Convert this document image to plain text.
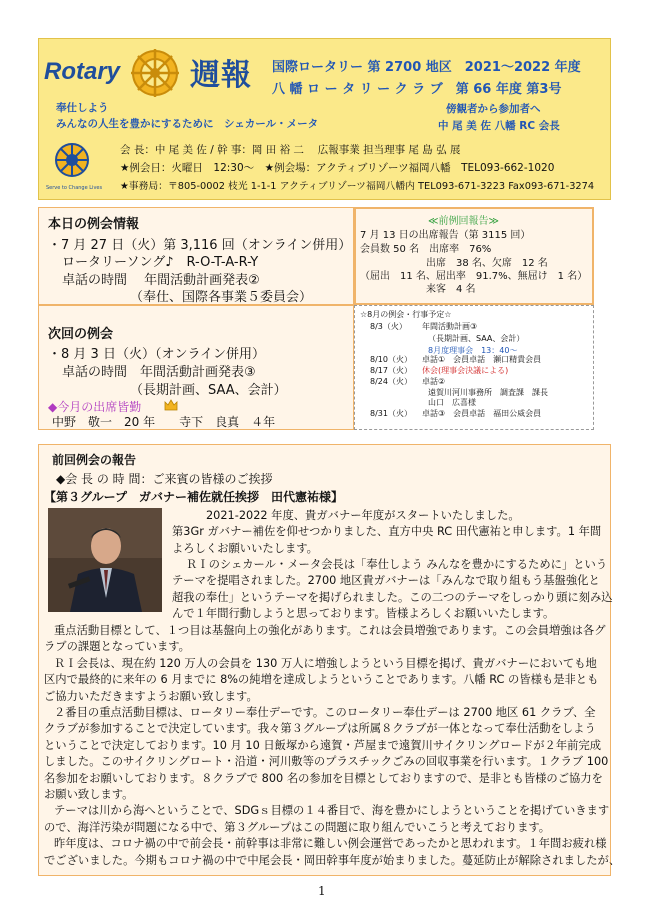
Rotary 週報 国際ロータリー 第 2700 地区　2021～2022 年度
八 幡 ロ ー タ リ ー ク ラ ブ　第 66 年度 第3号
奉仕しよう
みんなの人生を豊かにするために　シェカール・メータ
傍観者から参加者へ
中 尾 美 佐 八幡 RC 会長
Serve to Change Lives
会 長：中 尾 美 佐 / 幹 事：岡 田 裕 二　 広報事業 担当理事 尾 島 弘 展
★例会日：火曜日　12:30～　★例会場：アクティブリゾーツ福岡八幡　TEL093-662-1020
★事務局：〒805-0002 枝光 1-1-1 アクティブリゾーツ福岡八幡内 TEL093-671-3223 Fax093-671-3274
本日の例会情報
・7 月 27 日（火）第 3,116 回（オンライン併用）
ロータリーソング♪　R-O-T-A-R-Y
卓話の時間　 年間活動計画発表②
（奉仕、国際各事業５委員会）
≪前例回報告≫
7 月 13 日の出席報告（第 3115 回）
会員数 50 名　出席率　76%
出席　38 名、欠席　12 名
（屈出　11 名、屈出率　91.7%、無屈け　1 名）
来客　4 名
次回の例会
・8 月 3 日（火）（オンライン併用）
卓話の時間　年間活動計画発表③
（長期計画、SAA、会計）
◆今月の出席皆勤
中野　敬一　20 年　　寺下　良真　４年
☆8月の例会・行事予定☆
8/3（火） 年間活動計画③
（長期計画、SAA、会計）
8月度理事会　13：40～
8/10（火） 卓話①　会員卓話　瀬口精貴会員
8/17（火） 休会(理事会決議による)
8/24（火） 卓話②
遠賀川河川事務所　調査課　課長
山口　広喜様
8/31（火） 卓話③　会員卓話　福田公威会員
前回例会の報告
◆会 長 の 時 間：ご来賓の皆様のご挨拶
【第３グループ　ガバナー補佐就任挨拶　田代憲祐様】
2021-2022 年度、貴ガバナー年度がスタートいたしました。
第3Gr ガバナー補佐を仰せつかりました、直方中央 RC 田代憲祐と申します。1 年間
よろしくお願いいたします。
ＲＩのシェカール・メータ会長は「奉仕しよう みんなを豊かにするために」という
テーマを提唱されました。2700 地区貴ガバナーは「みんなで取り組もう基盤強化と
超我の奉仕」というテーマを掲げられました。この二つのテーマをしっかり頭に刻み込
んで１年間行動しようと思っております。皆様よろしくお願いいたします。
重点活動目標として、１つ目は基盤向上の強化があります。これは会員増強であります。この会員増強は各グ
ラブの課題となっています。
ＲＩ会長は、現在約 120 万人の会員を 130 万人に増強しようという目標を掲げ、貴ガバナーにおいても地
区内で最終的に来年の 6 月までに 8%の純増を達成しようということであります。八幡 RC の皆様も是非とも
ご協力いただきますようお願い致します。
２番目の重点活動目標は、ロータリー奉仕デーです。このロータリー奉仕デーは 2700 地区 61 クラブ、全
クラブが参加することで決定しています。我々第３グループは所属８クラブが一体となって奉仕活動をしよう
ということで決定しております。10 月 10 日飯塚から遠賀・芦屋まで遠賀川サイクリングロードが２年前完成
しました。このサイクリングロート・沿道・河川敷等のプラスチックごみの回収事業を行います。１クラブ 100
名参加をお願いしております。８クラブで 800 名の参加を目標としておりますので、是非とも皆様のご協力を
お願い致します。
テーマは川から海へということで、SDGｓ目標の１４番目で、海を豊かにしようということを掲げていきます
ので、海洋汚染が問題になる中で、第３グループはこの問題に取り組んでいこうと考えております。
昨年度は、コロナ禍の中で前会長・前幹事は非常に難しい例会運営であったかと思われます。１年間お疲れ様
でございました。今期もコロナ禍の中で中尾会長・岡田幹事年度が始まりました。蔓延防止が解除されましたが、
1
